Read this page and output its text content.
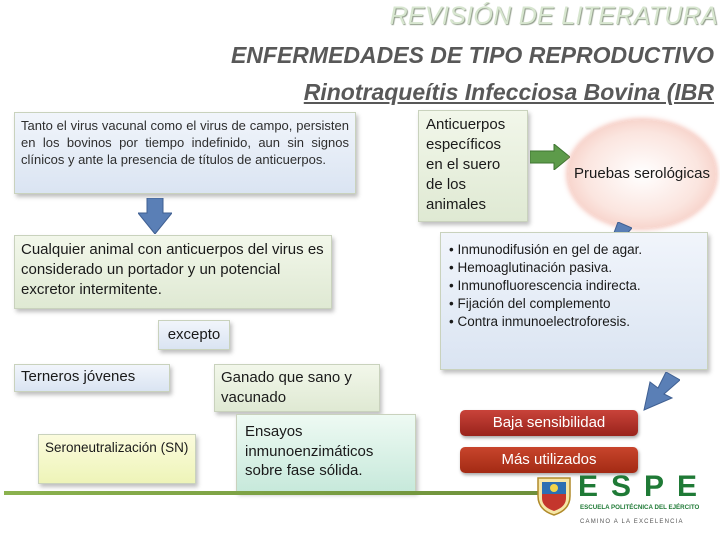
REVISIÓN DE LITERATURA
ENFERMEDADES DE TIPO REPRODUCTIVO
Rinotraqueítis Infecciosa Bovina (IBR
Tanto el virus vacunal como el virus de campo, persisten en los bovinos por tiempo indefinido, aun sin signos clínicos y ante la presencia de títulos de anticuerpos.
Cualquier animal con anticuerpos del virus es considerado un portador y un potencial excretor intermitente.
excepto
Terneros jóvenes	Ganado que sano y vacunado
Seroneutralización (SN)
Ensayos inmunoenzimáticos sobre fase sólida.
Anticuerpos específicos en el suero de los animales
Pruebas serológicas
• Inmunodifusión en gel de agar.
• Hemoaglutinación pasiva.
• Inmunofluorescencia indirecta.
• Fijación del complemento
• Contra inmunoelectroforesis.
Baja sensibilidad
Más utilizados
ESPE
ESCUELA POLITÉCNICA DEL EJÉRCITO
CAMINO A LA EXCELENCIA
